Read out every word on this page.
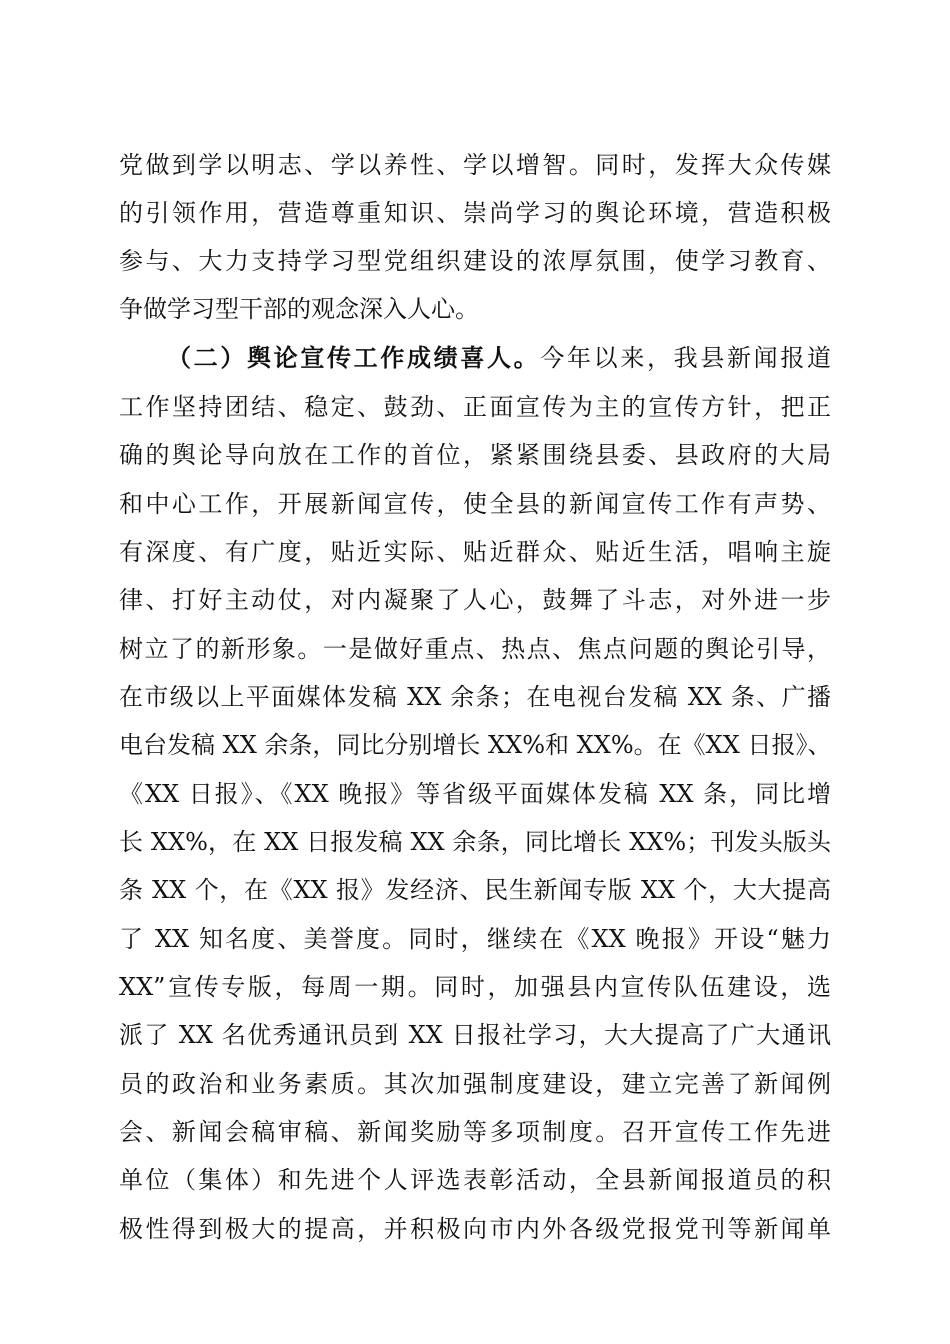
党做到学以明志、学以养性、学以增智。同时，发挥大众传媒
的引领作用，营造尊重知识、崇尚学习的舆论环境，营造积极
参与、大力支持学习型党组织建设的浓厚氛围，使学习教育、
争做学习型干部的观念深入人心。
（二）舆论宣传工作成绩喜人。今年以来，我县新闻报道
工作坚持团结、稳定、鼓劲、正面宣传为主的宣传方针，把正
确的舆论导向放在工作的首位，紧紧围绕县委、县政府的大局
和中心工作，开展新闻宣传，使全县的新闻宣传工作有声势、
有深度、有广度，贴近实际、贴近群众、贴近生活，唱响主旋
律、打好主动仗，对内凝聚了人心，鼓舞了斗志，对外进一步
树立了的新形象。一是做好重点、热点、焦点问题的舆论引导，
在市级以上平面媒体发稿 XX 余条；在电视台发稿 XX 条、广播
电台发稿 XX 余条，同比分别增长 XX%和 XX%。在《XX 日报》、
《XX 日报》、《XX 晚报》等省级平面媒体发稿 XX 条，同比增
长 XX%，在 XX 日报发稿 XX 余条，同比增长 XX%；刊发头版头
条 XX 个，在《XX 报》发经济、民生新闻专版 XX 个，大大提高
了 XX 知名度、美誉度。同时，继续在《XX 晚报》开设“魅力
XX”宣传专版，每周一期。同时，加强县内宣传队伍建设，选
派了 XX 名优秀通讯员到 XX 日报社学习，大大提高了广大通讯
员的政治和业务素质。其次加强制度建设，建立完善了新闻例
会、新闻会稿审稿、新闻奖励等多项制度。召开宣传工作先进
单位（集体）和先进个人评选表彰活动，全县新闻报道员的积
极性得到极大的提高，并积极向市内外各级党报党刊等新闻单
